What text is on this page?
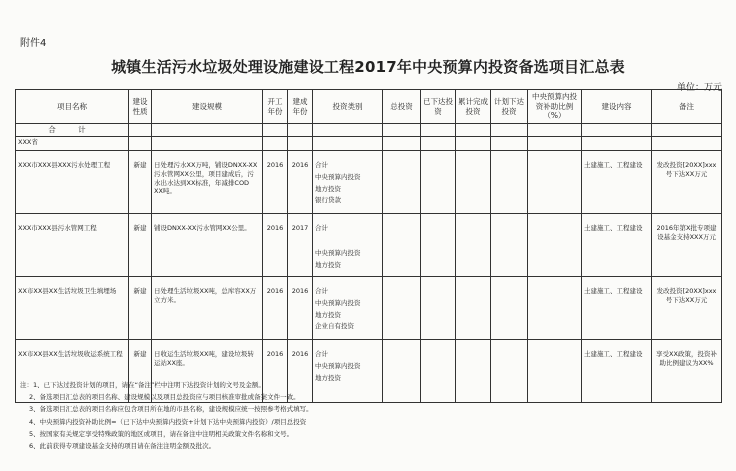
附件4
城镇生活污水垃圾处理设施建设工程2017年中央预算内投资备选项目汇总表
单位：万元
项目名称	建设性质	建设规模	开工年份	建成年份	投资类别	总投资	已下达投资	累计完成投资	计划下达投资	中央预算内投资补助比例（%）	建设内容	备注
合 计												
XXX省												
XXX市XXX县XXX污水处理工程	新建	日处理污水XX万吨，铺设DNXX-XX污水管网XX公里，项目建成后，污水出水达到XX标准，年减排COD XX吨。	2016	2016	合计
中央预算内投资
地方投资
银行贷款						土建施工、工程建设	发改投资[20XX]xxx号下达XX万元
XXX市XXX县污水管网工程	新建	铺设DNXX-XX污水管网XX公里。	2016	2017	合计
中央预算内投资
地方投资						土建施工、工程建设	2016年第X批专项建设基金支持XXX万元
XX市XX县XX生活垃圾卫生填埋场	新建	日处理生活垃圾XX吨，总库容XX万立方米。	2016	2016	合计
中央预算内投资
地方投资
企业自有投资						土建施工、工程建设	发改投资[20XX]xxx号下达XX万元
XX市XX县XX生活垃圾收运系统工程	新建	日收运生活垃圾XX吨，建设垃圾转运站XX座。	2016	2016	合计
中央预算内投资
地方投资						土建施工、工程建设	享受XX政策，投资补助比例建议为XX%
注：1、已下达过投资计划的项目，请在“备注”栏中注明下达投资计划的文号及金额。
2、备选项目汇总表的项目名称、建设规模以及项目总投资应与项目核准审批或备案文件一致。
3、备选项目汇总表的项目名称应包含项目所在地的市县名称，建设规模应统一按照参考格式填写。
4、中央预算内投资补助比例=（已下达中央预算内投资+计划下达中央预算内投资）/项目总投资
5、按国家有关规定享受特殊政策的地区或项目，请在备注中注明相关政策文件名称和文号。
6、此前获得专项建设基金支持的项目请在备注注明金额及批次。
